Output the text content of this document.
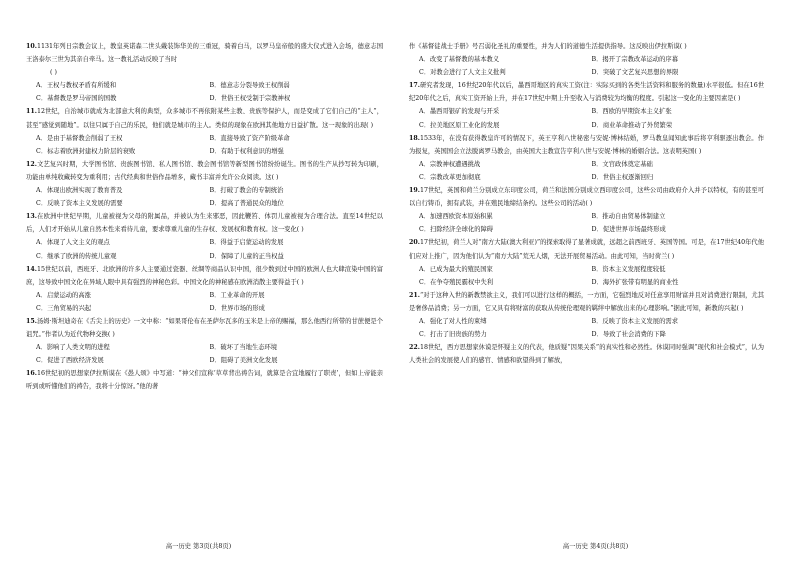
10.1131年列日宗教会议上，教皇英诺森二世头戴装饰华美的三重冠，骑着白马，以罗马皇帝般的盛大仪式进入会场，德意志国王洛泰尔三世为其亲自牵马。这一教礼活动反映了当时
( )
A．王权与教权矛盾有所缓和	B．德意志分裂导致王权削弱
C．基督教是罗马帝国的国教	D．世俗王权受制于宗教神权
11.12世纪，自治城市就成为北部意大利的典型，众多城市不再依附某些主教、贵族等保护人，而是变成了它们自己的“主人”，甚至“感觉到随地”。以往只属于自己的乐民，他们就是城市的主人。类似的现象在欧洲其他地方日益扩散。这一现象的出现( )
A．是由于基督教会削弱了王权	B．直接导致了资产阶级革命
C．标志着欧洲封建权力阶层的衰败	D．有助于权利意识的增强
12.文艺复兴时期，大学图书馆、贵族图书馆、私人图书馆、教会图书馆等新型图书馆纷纷诞生。图书的生产从抄写转为印刷，功能由单纯收藏转变为重利用；古代经典和世俗作品增多，藏书丰富并允许公众阅读。这( )
A．体现出欧洲实现了教育普及	B．打破了教会的专制统治
C．反映了资本主义发展的需要	D．提高了普通民众的地位
13.在欧洲中世纪早期，儿童被视为父母的附属品，并被认为生来邪恶，因此鞭笞、体罚儿童被视为合理合法。直至14世纪以后，人们才开始从儿童自然本性来看待儿童，要求尊重儿童的生存权、发展权和教育权。这一变化( )
A．体现了人文主义的观点	B．得益于启蒙运动的发展
C．继承了欧洲的传统儿童观	D．保障了儿童的正当权益
14.15世纪以前，西班牙、北欧洲的许多人主要通过瓷器、丝绸等商品认识中国，很少数到过中国的欧洲人也大肆渲染中国的富庶，这导致中国文化在异域人眼中具有强烈的神秘色彩。中国文化的神秘感在欧洲消散主要得益于( )
A．启蒙运动的高涨	B．工业革命的开展
C．三角贸易的兴起	D．世界市场的形成
15.汤姆·斯坦迪奇在《舌尖上的历史》一文中称：“如果哥伦布在圣萨尔瓦多的玉米是上帝的赐福，那么他西行所带的甘蔗便是个诅咒。”作者认为近代物种交换( )
A．影响了人类文明的进程	B．破坏了当地生态环境
C．促进了西欧经济发展	D．阻碍了美洲文化发展
16.16世纪初的思想家伊拉斯谟在《愚人颂》中写道：“神父们宣称‘草草背出祷告词，就算是合宜地履行了职责’，但如上帝能亲听到或听懂他们的祷告，我将十分惊讶。”他的著
高一历史 第3页(共8页)
作《基督徒战士手册》号召弱化圣礼的重要性，并为人们的道德生活提供指导。这反映出伊拉斯谟( )
A．改变了基督教的基本教义	B．揭开了宗教改革运动的序幕
C．对教会进行了人文主义批判	D．突破了文艺复兴思想的界限
17.研究者发现，16世纪20年代以后，墨西哥地区的真实工资(注：实际买到的各类生活资料和服务的数量)水平很低。但在16世纪20年代之后，真实工资开始上升，并在17世纪中期上升至收入与消费较为均衡的程度。引起这一变化的主要因素是( )
A．墨西哥银矿的发现与开采	B．西欧的早期资本主义扩张
C．拉美地区原工业化的发展	D．商业革命推动了外贸繁荣
18.1533年，在没有获得教皇许可的情况下，英王亨利八世秘密与安妮·博林结婚，罗马教皇闻知此事后将亨利驱逐出教会。作为报复，英国国会立法脱离罗马教会，由英国大主教宣告亨利八世与安妮·博林的婚姻合法。这表明英国( )
A．宗教神权遭遇挑战	B．文官政体奠定基础
C．宗教改革更加彻底	D．世俗主权逐渐回归
19.17世纪，英国和荷兰分别成立东印度公司，荷兰和法国分别成立西印度公司，这些公司由政府介入并予以特权，有的甚至可以自行铸币，拥有武装，并在殖民地缔结条约。这些公司的活动( )
A．加速西欧资本原始积累	B．推动自由贸易体制建立
C．扫除经济全球化的障碍	D．促进世界市场最终形成
20.17世纪初，荷兰人对“南方大陆(澳大利亚)”的探索取得了显著成就，远超之前西班牙、英国等国。可是，在17世纪40年代他们应对上推广，因为他们认为“南方大陆”荒无人烟，无法开展贸易活动。由此可知，当时荷兰( )
A．已成为最大的殖民国家	B．资本主义发展程度较低
C．在争夺殖民霸权中失利	D．海外扩张带有明显的商业性
21.“对于这种入世的新教禁欲主义，我们可以进行这样的概括，一方面，它强烈地反对任意享用财富并且对消费进行限制，尤其是奢侈品消费；另一方面，它又具有将财富的获取从传统伦理观的羁绊中解放出来的心理影响。”据此可知，新教的兴起( )
A．强化了对人性的束缚	B．反映了资本主义发展的需求
C．打击了旧贵族的势力	D．导致了社会消费的下降
22.18世纪，西方思想家休谟是怀疑主义的代表，他质疑“因果关系”的真实性和必然性。休谟同时强调“现代和社会模式”，认为人类社会的发展使人们的感官、情感和欲望得到了解放，
高一历史 第4页(共8页)
